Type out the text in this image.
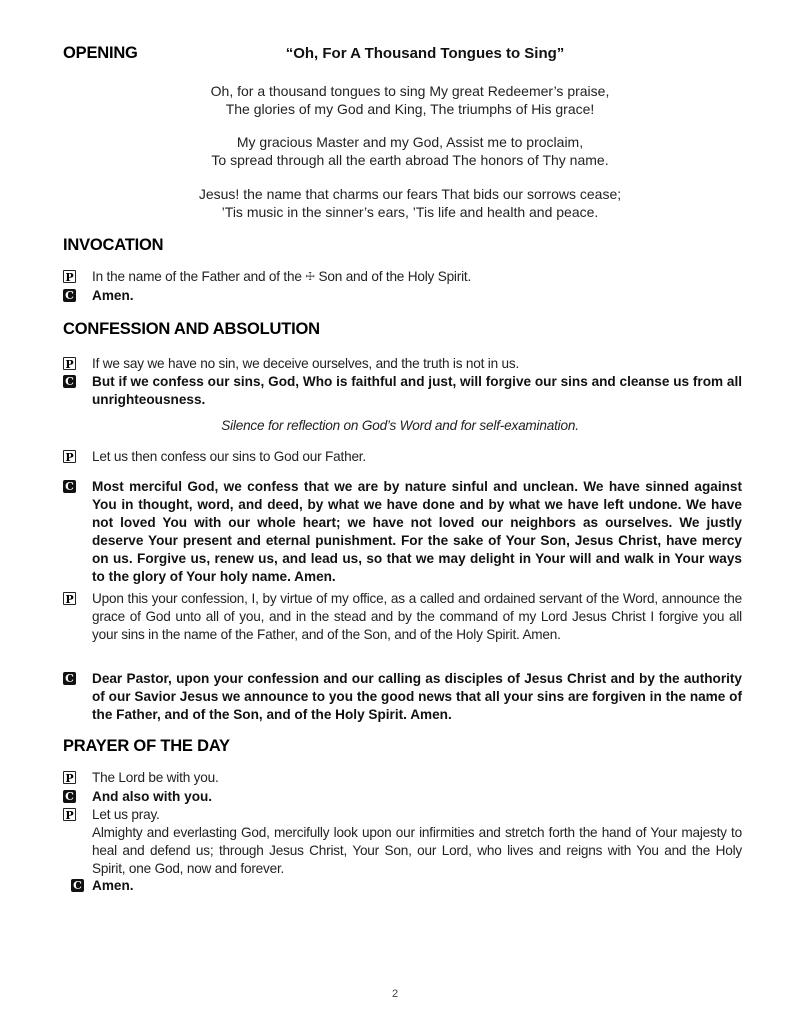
OPENING	“Oh, For A Thousand Tongues to Sing”
Oh, for a thousand tongues to sing My great Redeemer’s praise,
The glories of my God and King, The triumphs of His grace!
My gracious Master and my God, Assist me to proclaim,
To spread through all the earth abroad The honors of Thy name.
Jesus! the name that charms our fears That bids our sorrows cease;
’Tis music in the sinner’s ears, ’Tis life and health and peace.
INVOCATION
P In the name of the Father and of the ☩ Son and of the Holy Spirit.
C Amen.
CONFESSION AND ABSOLUTION
P If we say we have no sin, we deceive ourselves, and the truth is not in us.
C But if we confess our sins, God, Who is faithful and just, will forgive our sins and cleanse us from all unrighteousness.
Silence for reflection on God’s Word and for self-examination.
P Let us then confess our sins to God our Father.
C Most merciful God, we confess that we are by nature sinful and unclean. We have sinned against You in thought, word, and deed, by what we have done and by what we have left undone. We have not loved You with our whole heart; we have not loved our neighbors as ourselves. We justly deserve Your present and eternal punishment. For the sake of Your Son, Jesus Christ, have mercy on us. Forgive us, renew us, and lead us, so that we may delight in Your will and walk in Your ways to the glory of Your holy name. Amen.
P Upon this your confession, I, by virtue of my office, as a called and ordained servant of the Word, announce the grace of God unto all of you, and in the stead and by the command of my Lord Jesus Christ I forgive you all your sins in the name of the Father, and of the Son, and of the Holy Spirit. Amen.
C Dear Pastor, upon your confession and our calling as disciples of Jesus Christ and by the authority of our Savior Jesus we announce to you the good news that all your sins are forgiven in the name of the Father, and of the Son, and of the Holy Spirit. Amen.
PRAYER OF THE DAY
P The Lord be with you.
C And also with you.
P Let us pray.
Almighty and everlasting God, mercifully look upon our infirmities and stretch forth the hand of Your majesty to heal and defend us; through Jesus Christ, Your Son, our Lord, who lives and reigns with You and the Holy Spirit, one God, now and forever.
C Amen.
2
